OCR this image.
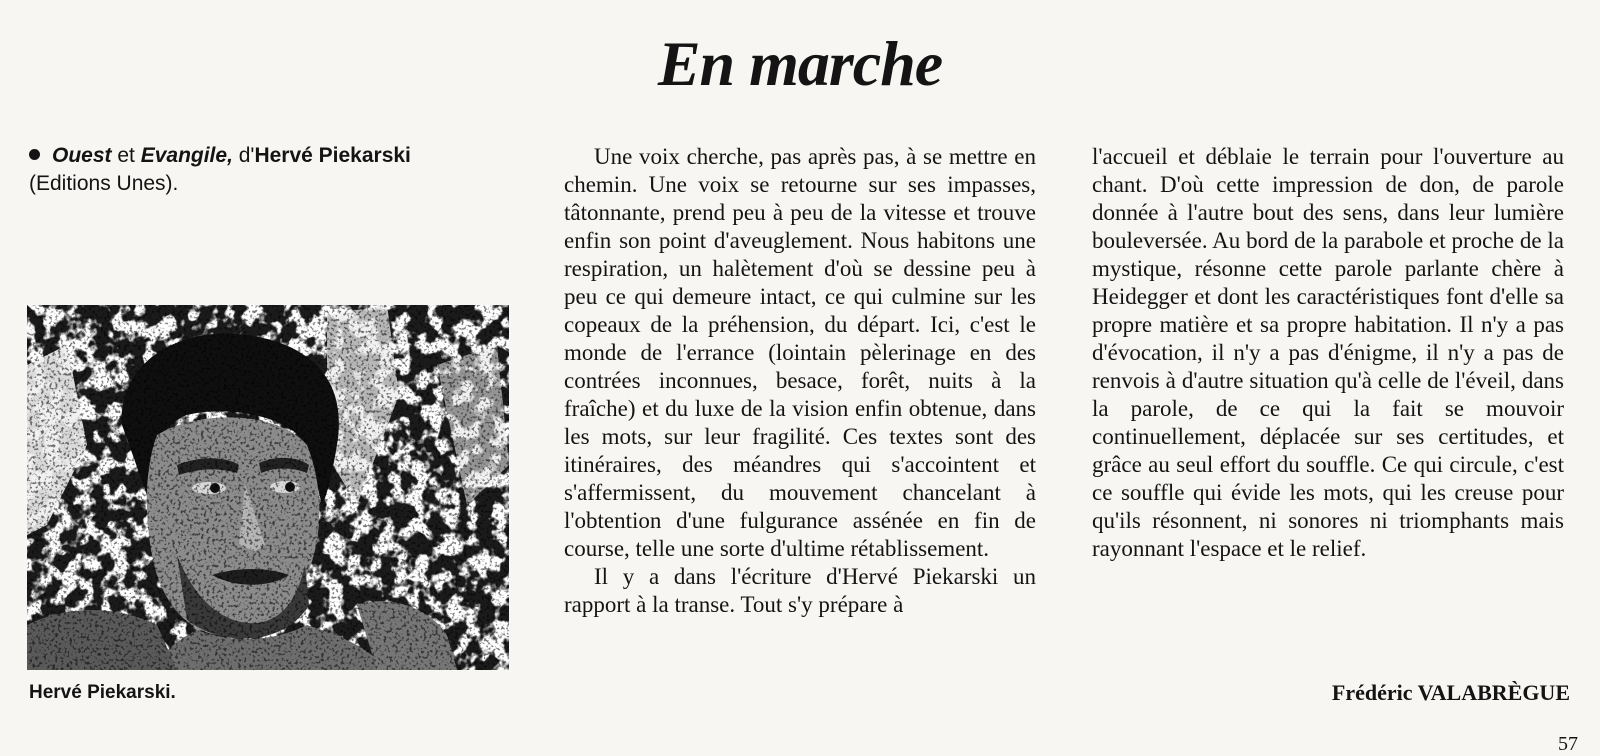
En marche
Ouest et Evangile, d'Hervé Piekarski
(Editions Unes).
Hervé Piekarski.

Une voix cherche, pas après pas, à se mettre en chemin. Une voix se retourne sur ses impasses, tâtonnante, prend peu à peu de la vitesse et trouve enfin son point d'aveuglement. Nous habitons une respiration, un halètement d'où se dessine peu à peu ce qui demeure intact, ce qui culmine sur les copeaux de la préhension, du départ. Ici, c'est le monde de l'errance (lointain pèlerinage en des contrées inconnues, besace, forêt, nuits à la fraîche) et du luxe de la vision enfin obtenue, dans les mots, sur leur fragilité. Ces textes sont des itinéraires, des méandres qui s'accointent et s'affermissent, du mouvement chancelant à l'obtention d'une fulgurance assénée en fin de course, telle une sorte d'ultime rétablissement.

Il y a dans l'écriture d'Hervé Piekarski un rapport à la transe. Tout s'y prépare à

l'accueil et déblaie le terrain pour l'ouverture au chant. D'où cette impression de don, de parole donnée à l'autre bout des sens, dans leur lumière bouleversée. Au bord de la parabole et proche de la mystique, résonne cette parole parlante chère à Heidegger et dont les caractéristiques font d'elle sa propre matière et sa propre habitation. Il n'y a pas d'évocation, il n'y a pas d'énigme, il n'y a pas de renvois à d'autre situation qu'à celle de l'éveil, dans la parole, de ce qui la fait se mouvoir continuellement, déplacée sur ses certitudes, et grâce au seul effort du souffle. Ce qui circule, c'est ce souffle qui évide les mots, qui les creuse pour qu'ils résonnent, ni sonores ni triomphants mais rayonnant l'espace et le relief.

Frédéric VALABRÈGUE
57
